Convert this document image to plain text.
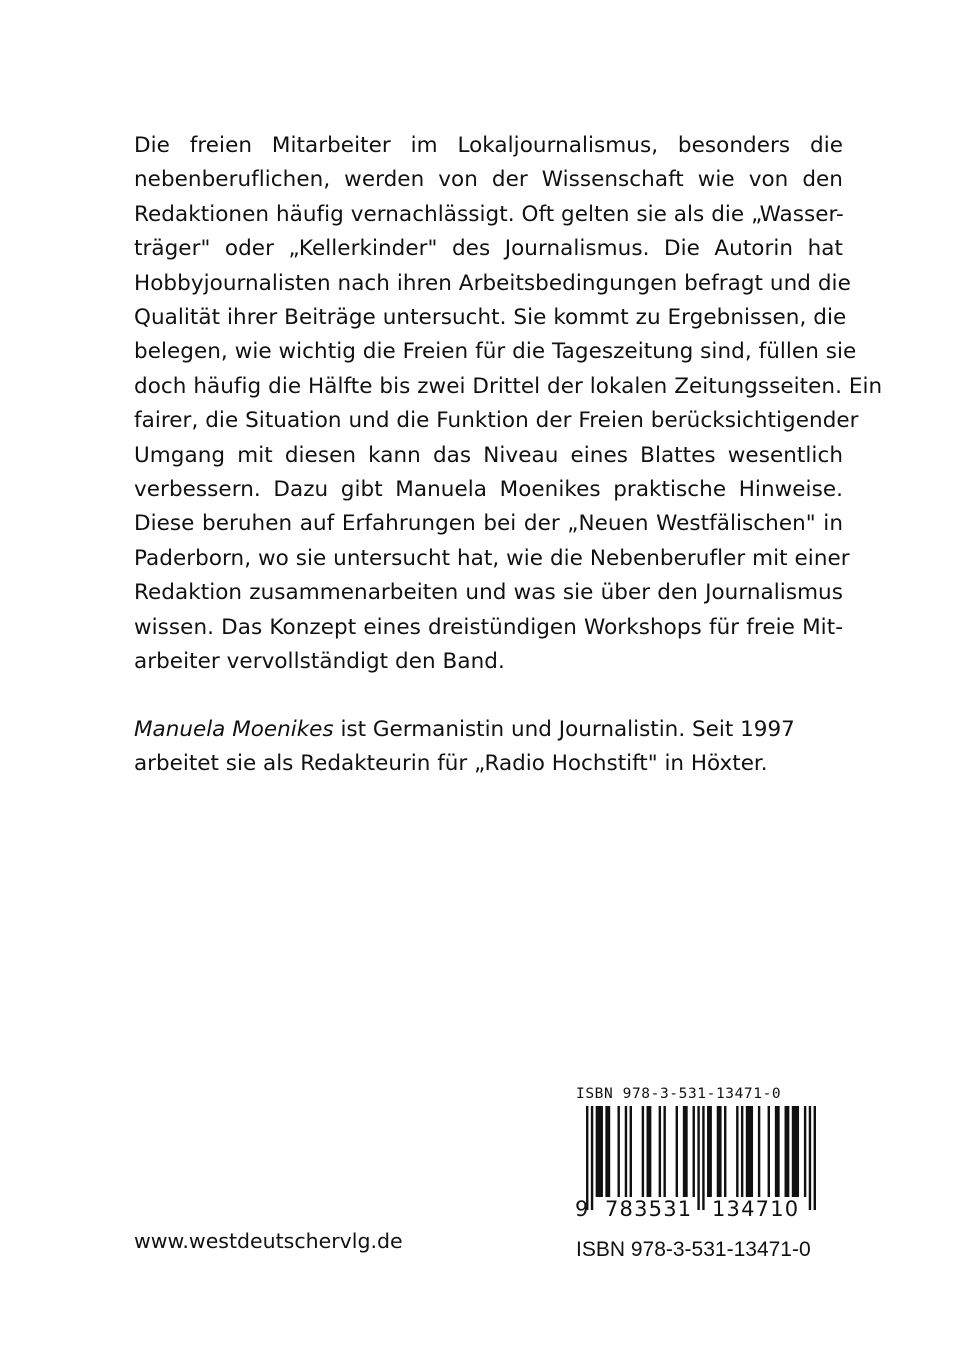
Die freien Mitarbeiter im Lokaljournalismus, besonders die
nebenberuflichen, werden von der Wissenschaft wie von den
Redaktionen häufig vernachlässigt. Oft gelten sie als die „Wasser-
träger" oder „Kellerkinder" des Journalismus. Die Autorin hat
Hobbyjournalisten nach ihren Arbeitsbedingungen befragt und die
Qualität ihrer Beiträge untersucht. Sie kommt zu Ergebnissen, die
belegen, wie wichtig die Freien für die Tageszeitung sind, füllen sie
doch häufig die Hälfte bis zwei Drittel der lokalen Zeitungsseiten. Ein
fairer, die Situation und die Funktion der Freien berücksichtigender
Umgang mit diesen kann das Niveau eines Blattes wesentlich
verbessern. Dazu gibt Manuela Moenikes praktische Hinweise.
Diese beruhen auf Erfahrungen bei der „Neuen Westfälischen" in
Paderborn, wo sie untersucht hat, wie die Nebenberufler mit einer
Redaktion zusammenarbeiten und was sie über den Journalismus
wissen. Das Konzept eines dreistündigen Workshops für freie Mit-
arbeiter vervollständigt den Band.
Manuela Moenikes ist Germanistin und Journalistin. Seit 1997
arbeitet sie als Redakteurin für „Radio Hochstift" in Höxter.
www.westdeutschervlg.de
ISBN 978-3-531-13471-0
9 783531 134710
ISBN 978-3-531-13471-0
